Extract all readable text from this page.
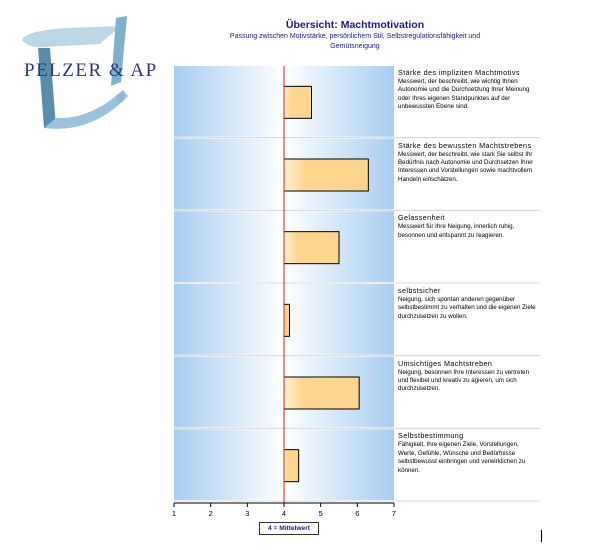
PELZER & AP
Übersicht: Machtmotivation
Passung zwischen Motivstärke, persönlichem Stil, Selbstregulationsfähigkeit und Gemütsneigung
1	2	3	4	5	6	7
Stärke des impliziten Machtmotivs
Messwert, der beschreibt, wie wichtig Ihnen Autonomie und die Durchsetzung Ihrer Meinung oder Ihres eigenen Standpunktes auf der unbewussten Ebene sind.
Stärke des bewussten Machtstrebens
Messwert, der beschreibt, wie stark Sie selbst Ihr Bedürfnis nach Autonomie und Durchsetzen Ihrer Interessen und Vorstellungen sowie machtvollem Handeln einschätzen.
Gelassenheit
Messwert für Ihre Neigung, innerlich ruhig, besonnen und entspannt zu reagieren.
selbstsicher
Neigung, sich spontan anderen gegenüber selbstbestimmt zu verhalten und die eigenen Ziele durchzusetzen zu wollen.
Umsichtiges Machtstreben
Neigung, besonnen Ihre Interessen zu vertreten und flexibel und kreativ zu agieren, um sich durchzusetzen.
Selbstbestimmung
Fähigkeit, Ihre eigenen Ziele, Vorstellungen, Werte, Gefühle, Wünsche und Bedürfnisse selbstbewusst einbringen und verwirklichen zu können.
4 = Mittelwert
